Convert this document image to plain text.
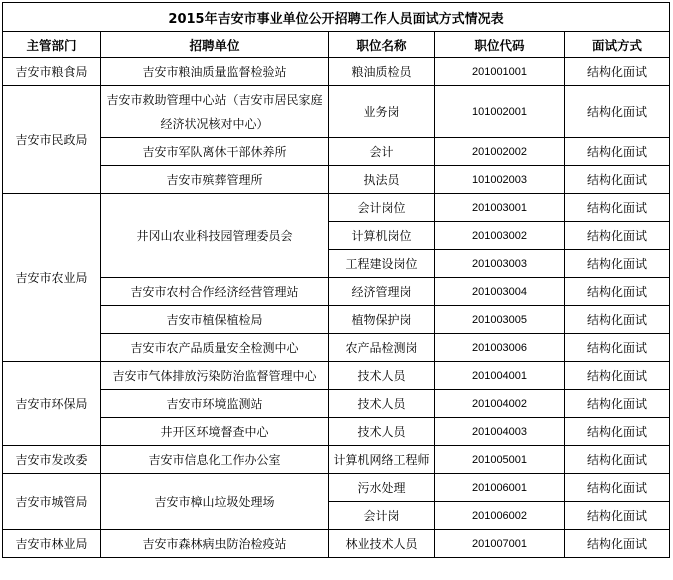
2015年吉安市事业单位公开招聘工作人员面试方式情况表				
主管部门	招聘单位	职位名称	职位代码	面试方式
吉安市粮食局	吉安市粮油质量监督检验站	粮油质检员	201001001	结构化面试
吉安市民政局	吉安市救助管理中心站（吉安市居民家庭经济状况核对中心）	业务岗	101002001	结构化面试
	吉安市军队离休干部休养所	会计	201002002	结构化面试
	吉安市殡葬管理所	执法员	101002003	结构化面试
吉安市农业局	井冈山农业科技园管理委员会	会计岗位	201003001	结构化面试
		计算机岗位	201003002	结构化面试
		工程建设岗位	201003003	结构化面试
	吉安市农村合作经济经营管理站	经济管理岗	201003004	结构化面试
	吉安市植保植检局	植物保护岗	201003005	结构化面试
	吉安市农产品质量安全检测中心	农产品检测岗	201003006	结构化面试
吉安市环保局	吉安市气体排放污染防治监督管理中心	技术人员	201004001	结构化面试
	吉安市环境监测站	技术人员	201004002	结构化面试
	井开区环境督查中心	技术人员	201004003	结构化面试
吉安市发改委	吉安市信息化工作办公室	计算机网络工程师	201005001	结构化面试
吉安市城管局	吉安市樟山垃圾处理场	污水处理	201006001	结构化面试
		会计岗	201006002	结构化面试
吉安市林业局	吉安市森林病虫防治检疫站	林业技术人员	201007001	结构化面试
